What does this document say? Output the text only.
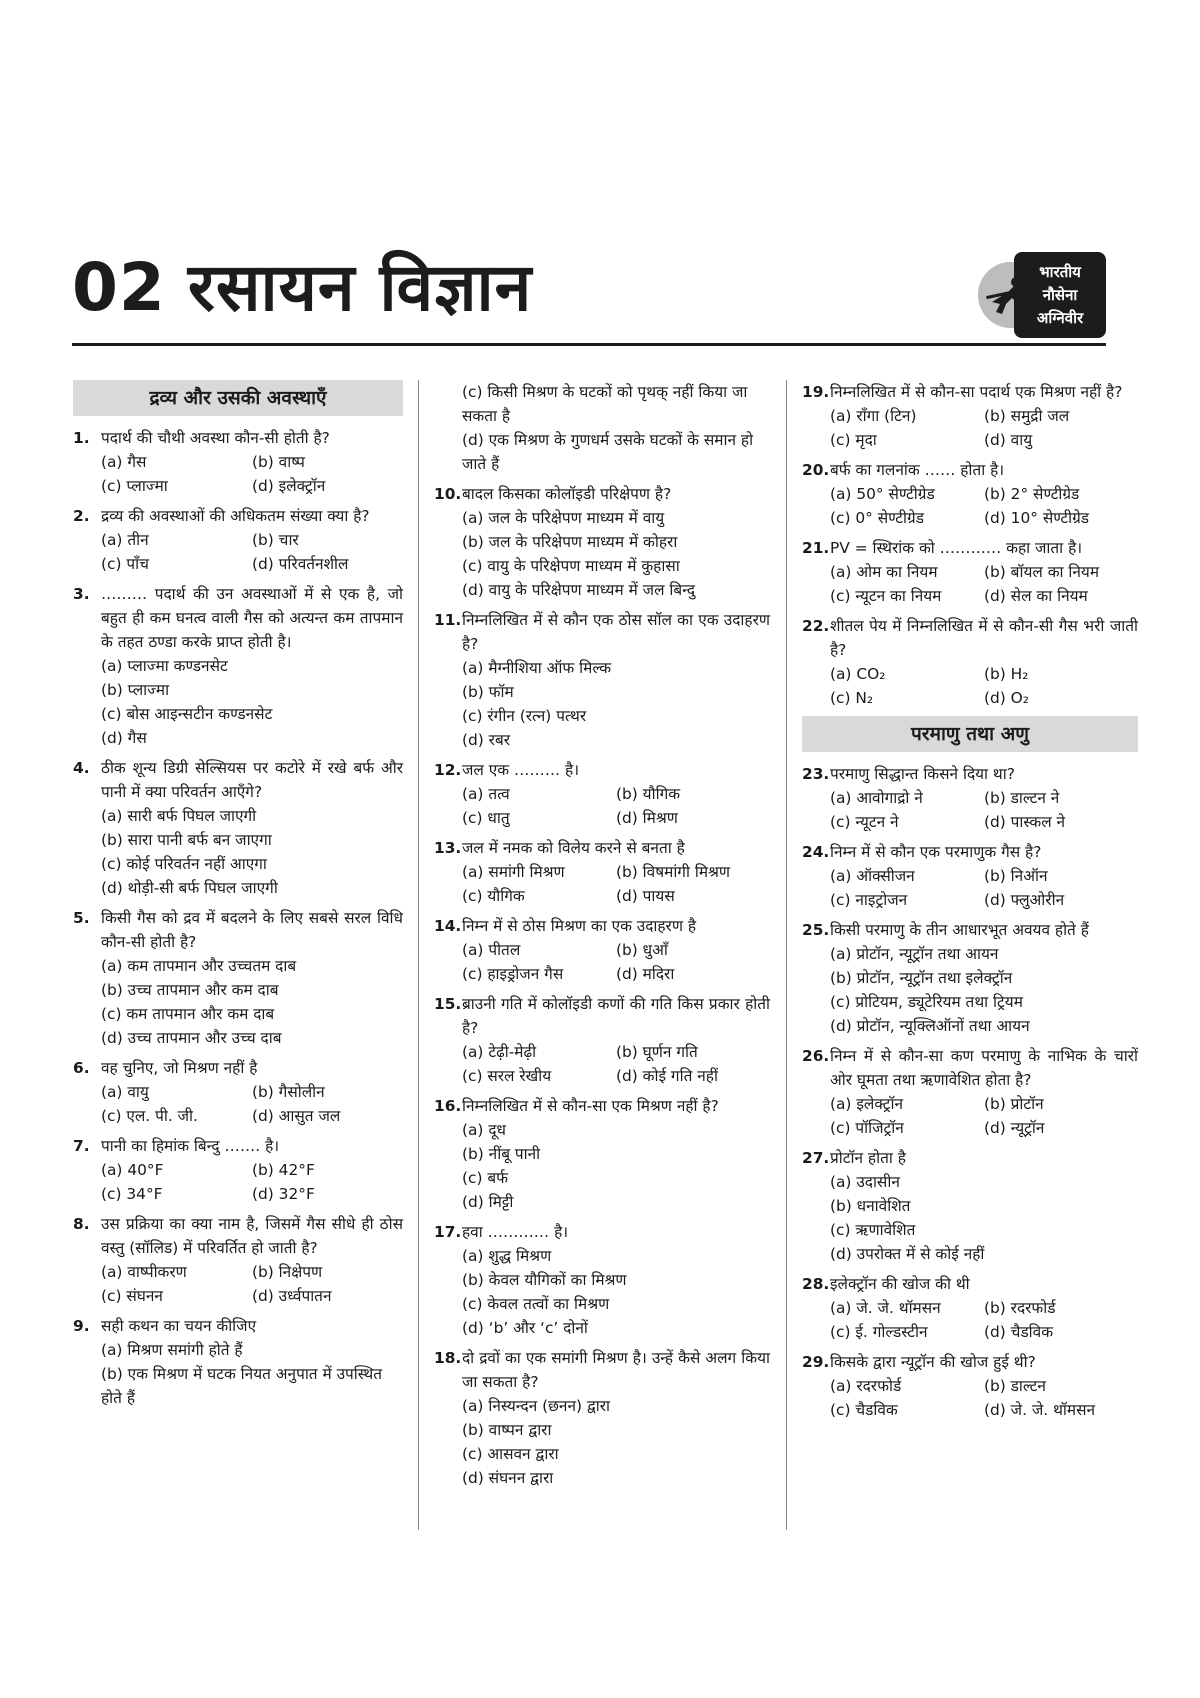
02 रसायन विज्ञान	भारतीय
नौसेना
अग्निवीर
द्रव्य और उसकी अवस्थाएँ
1. पदार्थ की चौथी अवस्था कौन-सी होती है?
(a) गैस	(b) वाष्प
(c) प्लाज्मा	(d) इलेक्ट्रॉन
2. द्रव्य की अवस्थाओं की अधिकतम संख्या क्या है?
(a) तीन	(b) चार
(c) पाँच	(d) परिवर्तनशील
3. ……… पदार्थ की उन अवस्थाओं में से एक है, जो बहुत ही कम घनत्व वाली गैस को अत्यन्त कम तापमान के तहत ठण्डा करके प्राप्त होती है।
(a) प्लाज्मा कण्डनसेट
(b) प्लाज्मा
(c) बोस आइन्सटीन कण्डनसेट
(d) गैस
4. ठीक शून्य डिग्री सेल्सियस पर कटोरे में रखे बर्फ और पानी में क्या परिवर्तन आएँगे?
(a) सारी बर्फ पिघल जाएगी
(b) सारा पानी बर्फ बन जाएगा
(c) कोई परिवर्तन नहीं आएगा
(d) थोड़ी-सी बर्फ पिघल जाएगी
5. किसी गैस को द्रव में बदलने के लिए सबसे सरल विधि कौन-सी होती है?
(a) कम तापमान और उच्चतम दाब
(b) उच्च तापमान और कम दाब
(c) कम तापमान और कम दाब
(d) उच्च तापमान और उच्च दाब
6. वह चुनिए, जो मिश्रण नहीं है
(a) वायु	(b) गैसोलीन
(c) एल. पी. जी.	(d) आसुत जल
7. पानी का हिमांक बिन्दु ……. है।
(a) 40°F	(b) 42°F
(c) 34°F	(d) 32°F
8. उस प्रक्रिया का क्या नाम है, जिसमें गैस सीधे ही ठोस वस्तु (सॉलिड) में परिवर्तित हो जाती है?
(a) वाष्पीकरण	(b) निक्षेपण
(c) संघनन	(d) उर्ध्वपातन
9. सही कथन का चयन कीजिए
(a) मिश्रण समांगी होते हैं
(b) एक मिश्रण में घटक नियत अनुपात में उपस्थित होते हैं
(c) किसी मिश्रण के घटकों को पृथक् नहीं किया जा सकता है
(d) एक मिश्रण के गुणधर्म उसके घटकों के समान हो जाते हैं
10. बादल किसका कोलॉइडी परिक्षेपण है?
(a) जल के परिक्षेपण माध्यम में वायु
(b) जल के परिक्षेपण माध्यम में कोहरा
(c) वायु के परिक्षेपण माध्यम में कुहासा
(d) वायु के परिक्षेपण माध्यम में जल बिन्दु
11. निम्नलिखित में से कौन एक ठोस सॉल का एक उदाहरण है?
(a) मैग्नीशिया ऑफ मिल्क
(b) फॉम
(c) रंगीन (रत्न) पत्थर
(d) रबर
12. जल एक ……… है।
(a) तत्व	(b) यौगिक
(c) धातु	(d) मिश्रण
13. जल में नमक को विलेय करने से बनता है
(a) समांगी मिश्रण	(b) विषमांगी मिश्रण
(c) यौगिक	(d) पायस
14. निम्न में से ठोस मिश्रण का एक उदाहरण है
(a) पीतल	(b) धुआँ
(c) हाइड्रोजन गैस	(d) मदिरा
15. ब्राउनी गति में कोलॉइडी कणों की गति किस प्रकार होती है?
(a) टेढ़ी-मेढ़ी	(b) घूर्णन गति
(c) सरल रेखीय	(d) कोई गति नहीं
16. निम्नलिखित में से कौन-सा एक मिश्रण नहीं है?
(a) दूध
(b) नींबू पानी
(c) बर्फ
(d) मिट्टी
17. हवा ………… है।
(a) शुद्ध मिश्रण
(b) केवल यौगिकों का मिश्रण
(c) केवल तत्वों का मिश्रण
(d) ‘b’ और ‘c’ दोनों
18. दो द्रवों का एक समांगी मिश्रण है। उन्हें कैसे अलग किया जा सकता है?
(a) निस्यन्दन (छनन) द्वारा
(b) वाष्पन द्वारा
(c) आसवन द्वारा
(d) संघनन द्वारा
19. निम्नलिखित में से कौन-सा पदार्थ एक मिश्रण नहीं है?
(a) राँगा (टिन)	(b) समुद्री जल
(c) मृदा	(d) वायु
20. बर्फ का गलनांक …… होता है।
(a) 50° सेण्टीग्रेड	(b) 2° सेण्टीग्रेड
(c) 0° सेण्टीग्रेड	(d) 10° सेण्टीग्रेड
21. PV = स्थिरांक को ………… कहा जाता है।
(a) ओम का नियम	(b) बॉयल का नियम
(c) न्यूटन का नियम	(d) सेल का नियम
22. शीतल पेय में निम्नलिखित में से कौन-सी गैस भरी जाती है?
(a) CO₂	(b) H₂
(c) N₂	(d) O₂
परमाणु तथा अणु
23. परमाणु सिद्धान्त किसने दिया था?
(a) आवोगाद्रो ने	(b) डाल्टन ने
(c) न्यूटन ने	(d) पास्कल ने
24. निम्न में से कौन एक परमाणुक गैस है?
(a) ऑक्सीजन	(b) निऑन
(c) नाइट्रोजन	(d) फ्लुओरीन
25. किसी परमाणु के तीन आधारभूत अवयव होते हैं
(a) प्रोटॉन, न्यूट्रॉन तथा आयन
(b) प्रोटॉन, न्यूट्रॉन तथा इलेक्ट्रॉन
(c) प्रोटियम, ड्यूटेरियम तथा ट्रियम
(d) प्रोटॉन, न्यूक्लिऑनों तथा आयन
26. निम्न में से कौन-सा कण परमाणु के नाभिक के चारों ओर घूमता तथा ऋणावेशित होता है?
(a) इलेक्ट्रॉन	(b) प्रोटॉन
(c) पॉजिट्रॉन	(d) न्यूट्रॉन
27. प्रोटॉन होता है
(a) उदासीन
(b) धनावेशित
(c) ऋणावेशित
(d) उपरोक्त में से कोई नहीं
28. इलेक्ट्रॉन की खोज की थी
(a) जे. जे. थॉमसन	(b) रदरफोर्ड
(c) ई. गोल्डस्टीन	(d) चैडविक
29. किसके द्वारा न्यूट्रॉन की खोज हुई थी?
(a) रदरफोर्ड	(b) डाल्टन
(c) चैडविक	(d) जे. जे. थॉमसन
